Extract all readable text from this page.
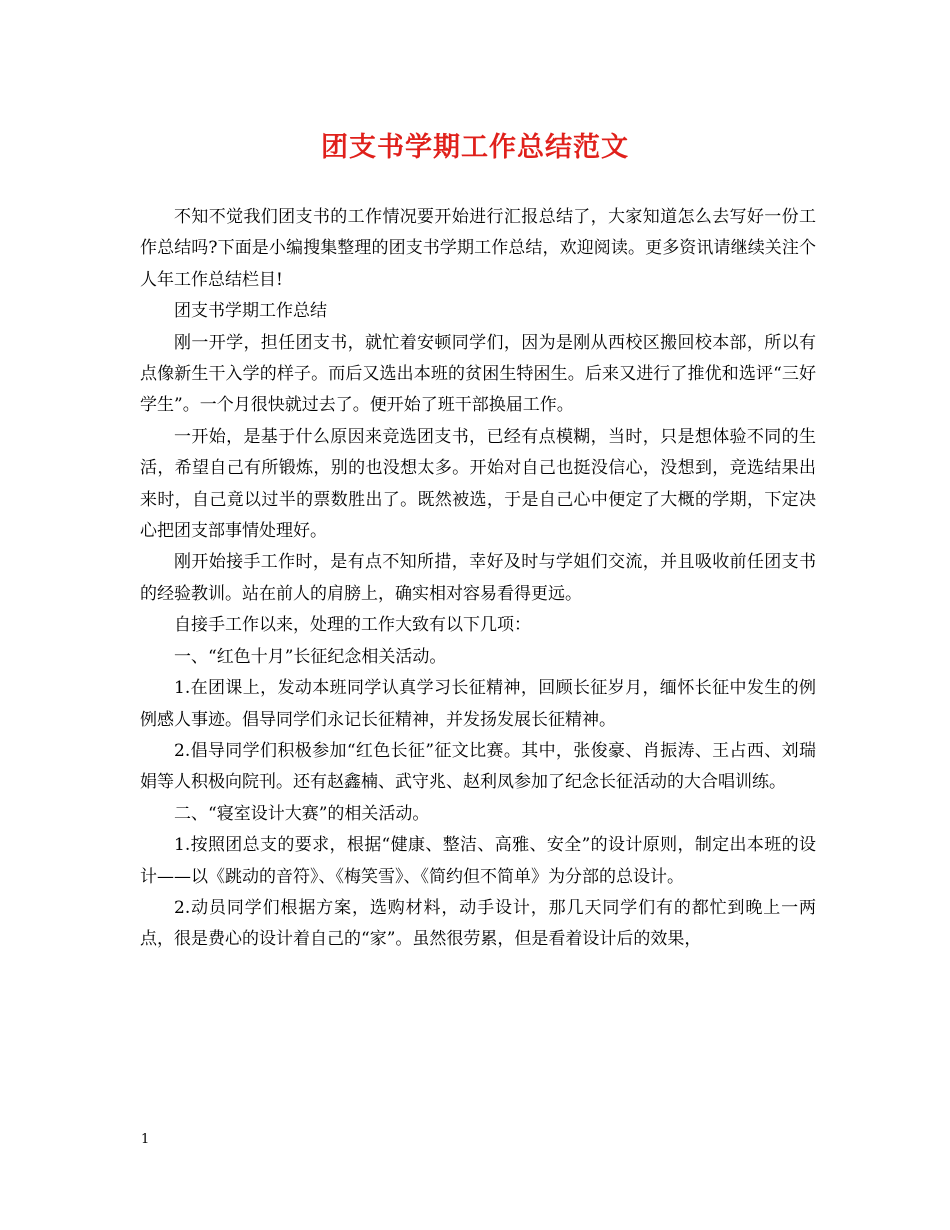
团支书学期工作总结范文

不知不觉我们团支书的工作情况要开始进行汇报总结了，大家知道怎么去写好一份工作总结吗?下面是小编搜集整理的团支书学期工作总结，欢迎阅读。更多资讯请继续关注个人年工作总结栏目!

团支书学期工作总结

刚一开学，担任团支书，就忙着安顿同学们，因为是刚从西校区搬回校本部，所以有点像新生干入学的样子。而后又选出本班的贫困生特困生。后来又进行了推优和选评“三好学生”。一个月很快就过去了。便开始了班干部换届工作。

一开始，是基于什么原因来竞选团支书，已经有点模糊，当时，只是想体验不同的生活，希望自己有所锻炼，别的也没想太多。开始对自己也挺没信心，没想到，竞选结果出来时，自己竟以过半的票数胜出了。既然被选，于是自己心中便定了大概的学期，下定决心把团支部事情处理好。

刚开始接手工作时，是有点不知所措，幸好及时与学姐们交流，并且吸收前任团支书的经验教训。站在前人的肩膀上，确实相对容易看得更远。

自接手工作以来，处理的工作大致有以下几项：

一、“红色十月”长征纪念相关活动。

1.在团课上，发动本班同学认真学习长征精神，回顾长征岁月，缅怀长征中发生的例例感人事迹。倡导同学们永记长征精神，并发扬发展长征精神。

2.倡导同学们积极参加“红色长征”征文比赛。其中，张俊豪、肖振涛、王占西、刘瑞娟等人积极向院刊。还有赵鑫楠、武守兆、赵利凤参加了纪念长征活动的大合唱训练。

二、“寝室设计大赛”的相关活动。

1.按照团总支的要求，根据“健康、整洁、高雅、安全”的设计原则，制定出本班的设计——以《跳动的音符》、《梅笑雪》、《简约但不简单》为分部的总设计。

2.动员同学们根据方案，选购材料，动手设计，那几天同学们有的都忙到晚上一两点，很是费心的设计着自己的“家”。虽然很劳累，但是看着设计后的效果，

1
